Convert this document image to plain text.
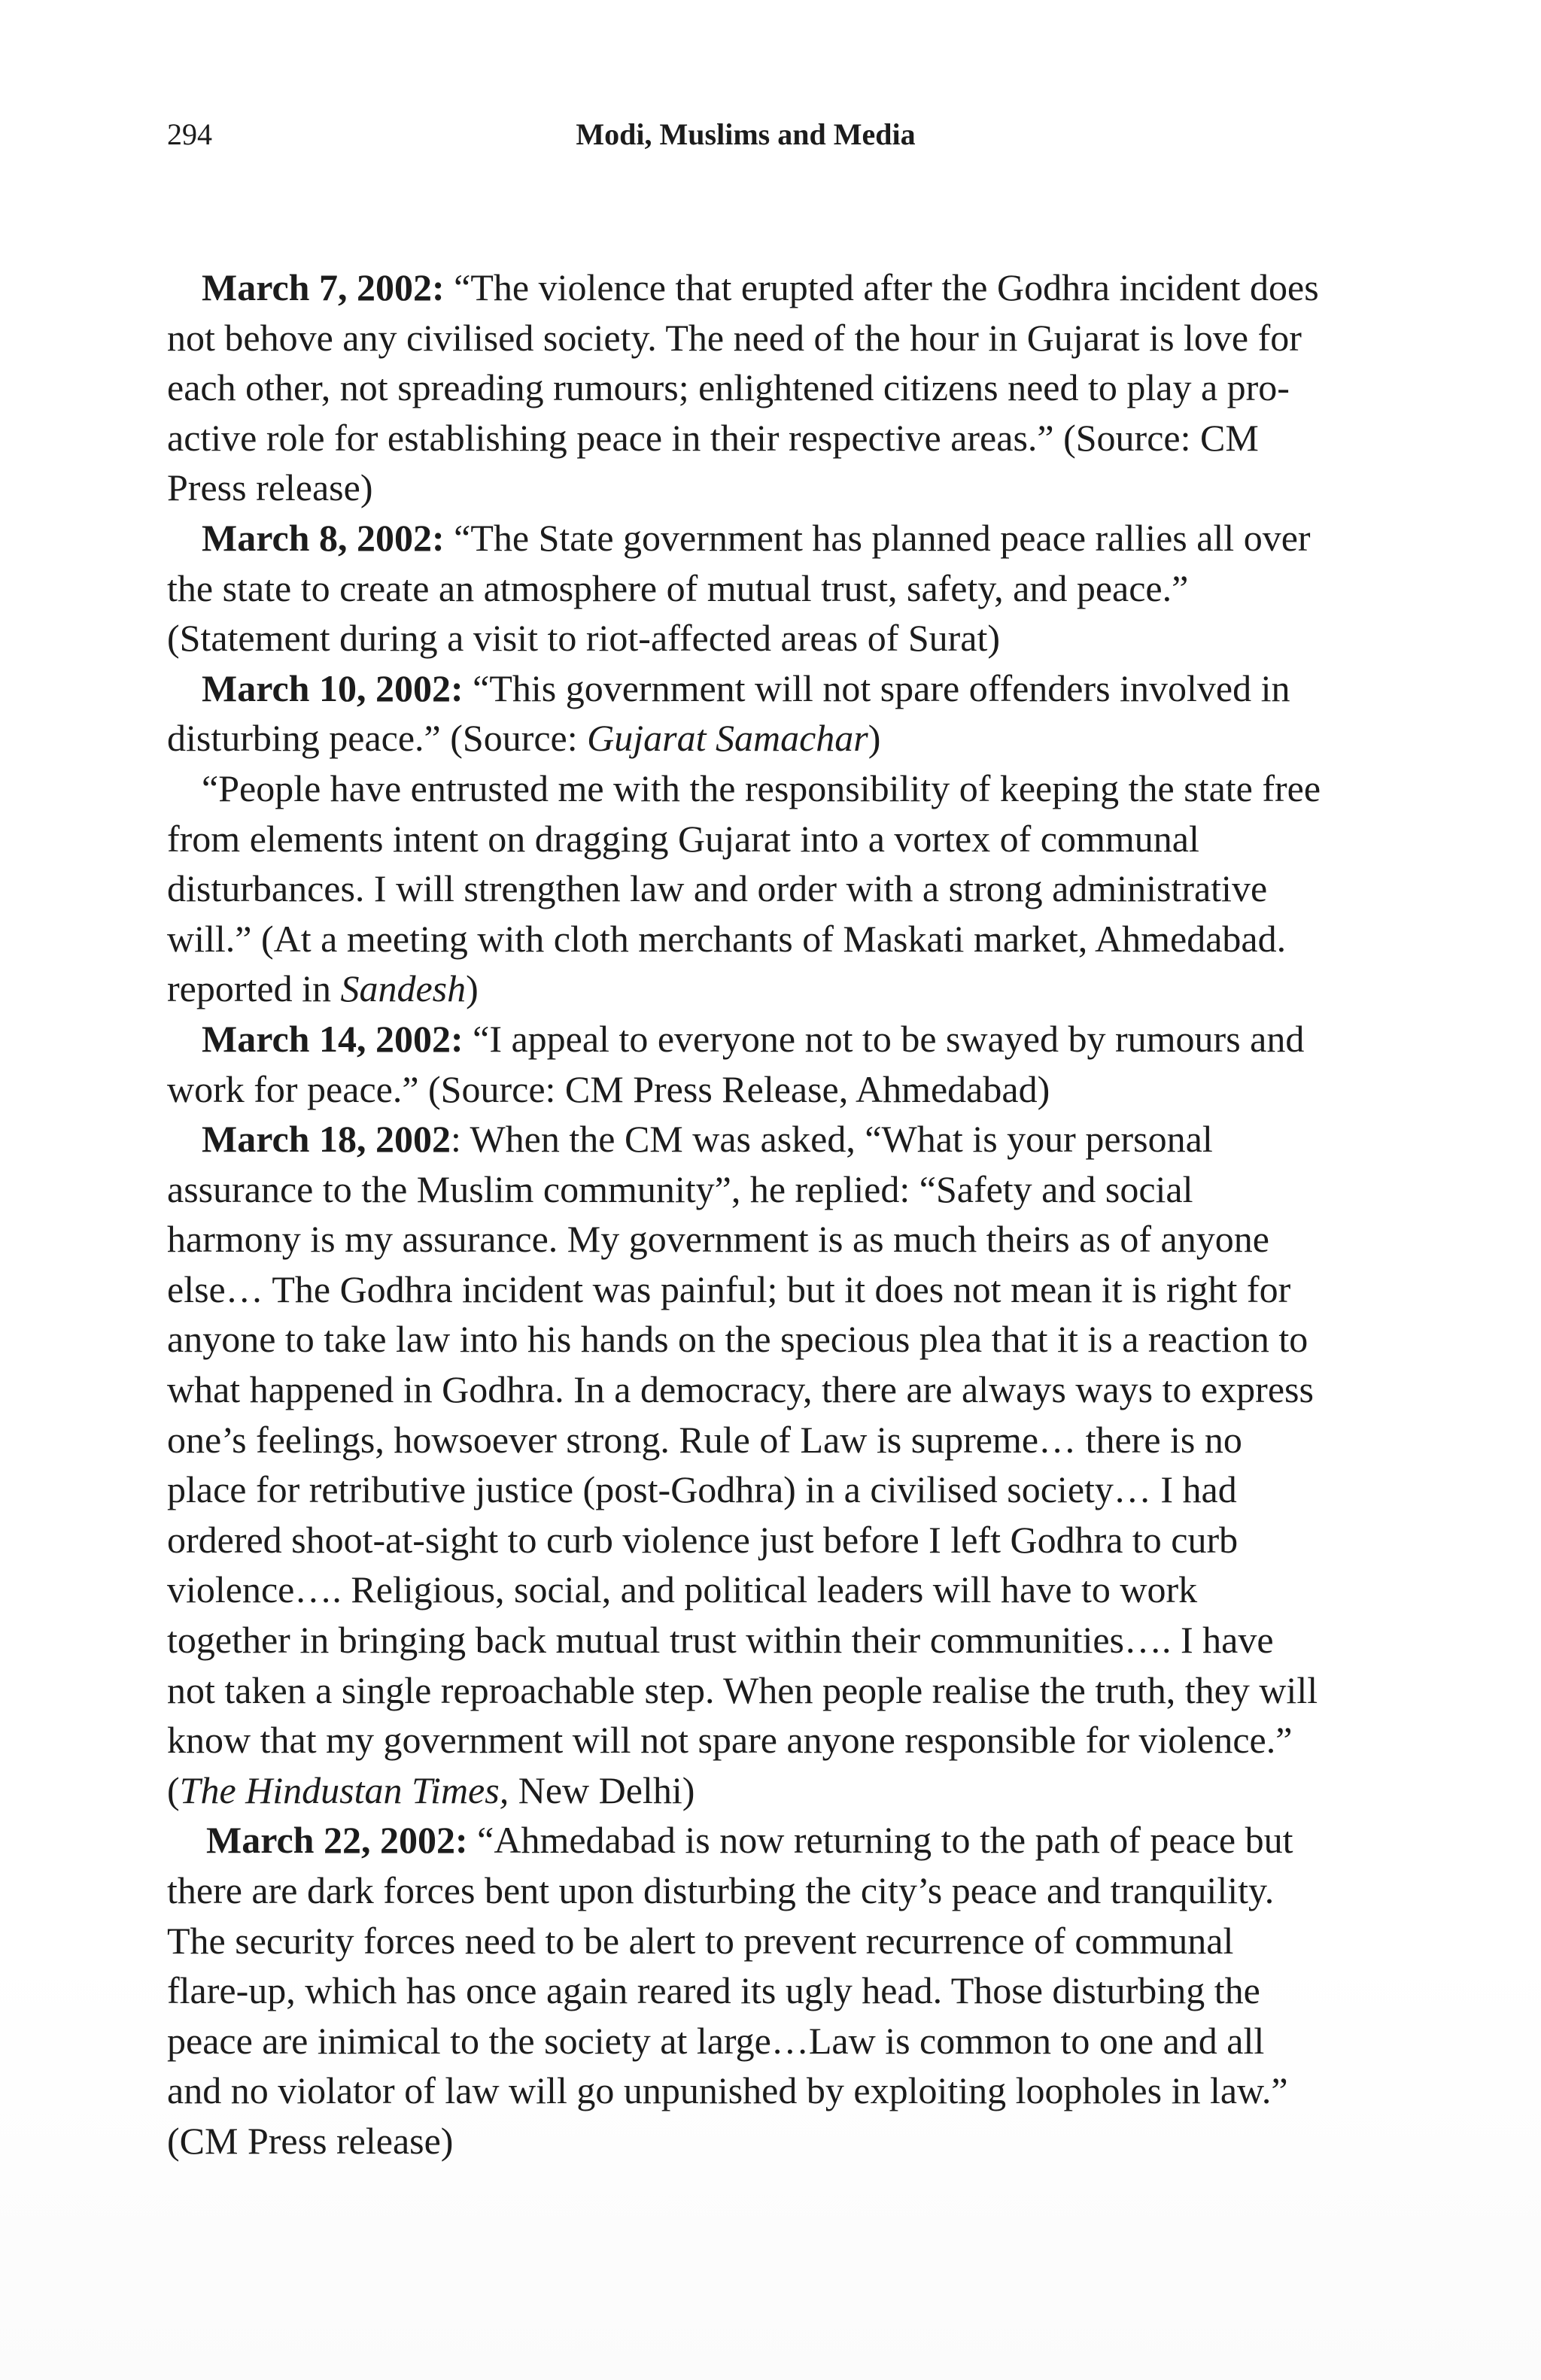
294	Modi, Muslims and Media

March 7, 2002: “The violence that erupted after the Godhra incident does not behove any civilised society. The need of the hour in Gujarat is love for each other, not spreading rumours; enlightened citizens need to play a pro-active role for establishing peace in their respective areas.” (Source: CM Press release)

March 8, 2002: “The State government has planned peace rallies all over the state to create an atmosphere of mutual trust, safety, and peace.” (Statement during a visit to riot-affected areas of Surat)

March 10, 2002: “This government will not spare offenders involved in disturbing peace.” (Source: Gujarat Samachar)

“People have entrusted me with the responsibility of keeping the state free from elements intent on dragging Gujarat into a vortex of communal disturbances. I will strengthen law and order with a strong administrative will.” (At a meeting with cloth merchants of Maskati market, Ahmedabad. reported in Sandesh)

March 14, 2002: “I appeal to everyone not to be swayed by rumours and work for peace.” (Source: CM Press Release, Ahmedabad)

March 18, 2002: When the CM was asked, “What is your personal assurance to the Muslim community”, he replied: “Safety and social harmony is my assurance. My government is as much theirs as of anyone else… The Godhra incident was painful; but it does not mean it is right for anyone to take law into his hands on the specious plea that it is a reaction to what happened in Godhra. In a democracy, there are always ways to express one’s feelings, howsoever strong. Rule of Law is supreme… there is no place for retributive justice (post-Godhra) in a civilised society… I had ordered shoot-at-sight to curb violence just before I left Godhra to curb violence…. Religious, social, and political leaders will have to work together in bringing back mutual trust within their communities…. I have not taken a single reproachable step. When people realise the truth, they will know that my government will not spare anyone responsible for violence.” (The Hindustan Times, New Delhi)

March 22, 2002: “Ahmedabad is now returning to the path of peace but there are dark forces bent upon disturbing the city’s peace and tranquility. The security forces need to be alert to prevent recurrence of communal flare-up, which has once again reared its ugly head. Those disturbing the peace are inimical to the society at large…Law is common to one and all and no violator of law will go unpunished by exploiting loopholes in law.” (CM Press release)
